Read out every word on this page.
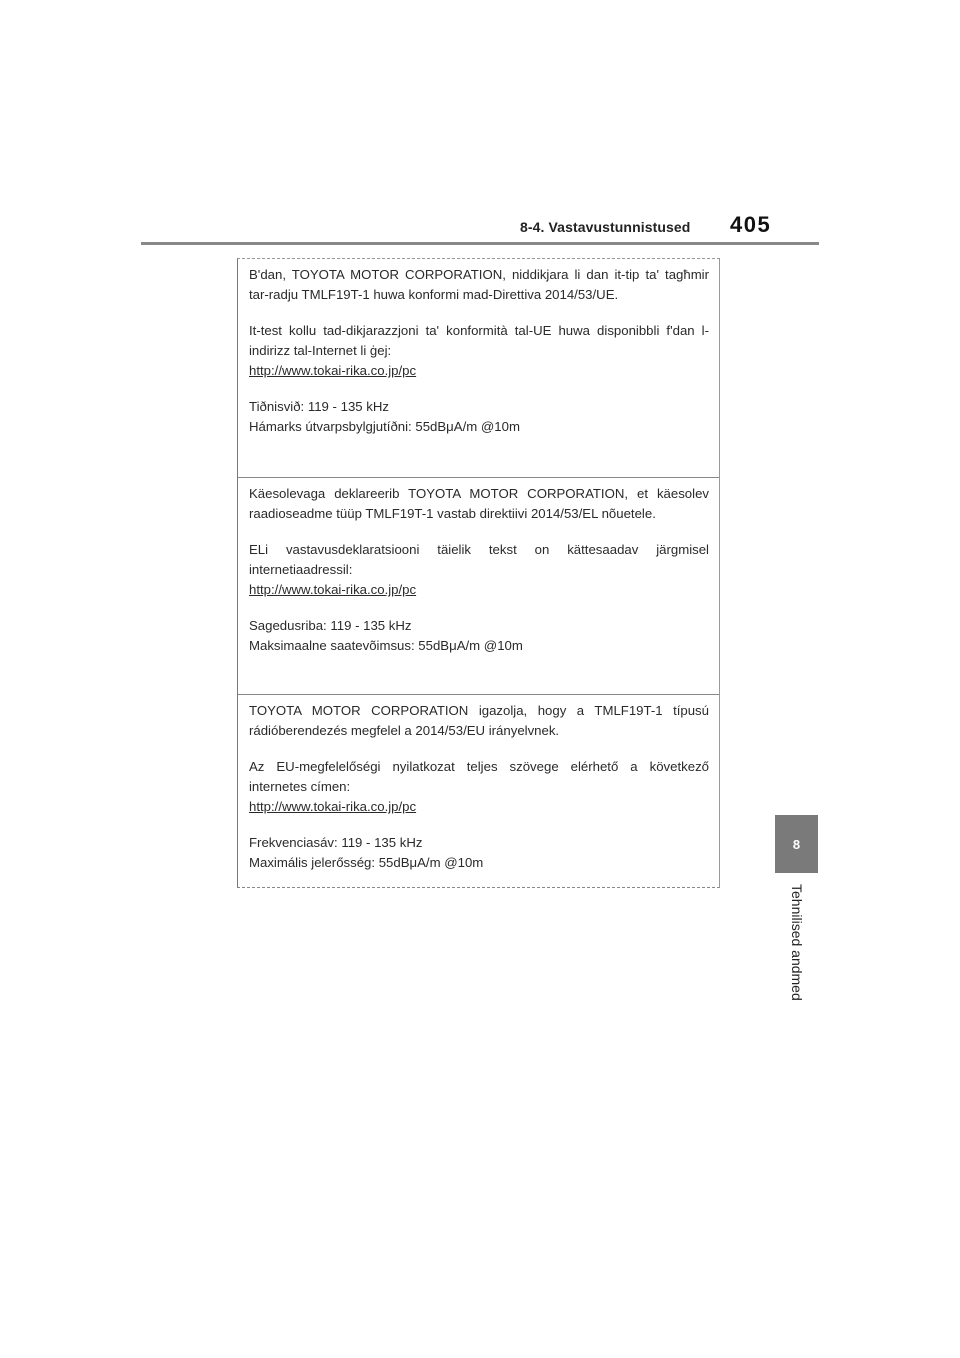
8-4. Vastavustunnistused 405
8
Tehnilised andmed

B'dan, TOYOTA MOTOR CORPORATION, niddikjara li dan it-tip ta' tagħmir tar-radju TMLF19T-1 huwa konformi mad-Direttiva 2014/53/UE.

It-test kollu tad-dikjarazzjoni ta' konformità tal-UE huwa disponibbli f'dan l-indirizz tal-Internet li ġej:
http://www.tokai-rika.co.jp/pc

Tiðnisvið: 119 - 135 kHz
Hámarks útvarpsbylgjutíðni: 55dBμA/m @10m

Käesolevaga deklareerib TOYOTA MOTOR CORPORATION, et käesolev raadioseadme tüüp TMLF19T-1 vastab direktiivi 2014/53/EL nõuetele.

ELi vastavusdeklaratsiooni täielik tekst on kättesaadav järgmisel internetiaadressil:
http://www.tokai-rika.co.jp/pc

Sagedusriba: 119 - 135 kHz
Maksimaalne saatevõimsus: 55dBμA/m @10m

TOYOTA MOTOR CORPORATION igazolja, hogy a TMLF19T-1 típusú rádióberendezés megfelel a 2014/53/EU irányelvnek.

Az EU-megfelelőségi nyilatkozat teljes szövege elérhető a következő internetes címen:
http://www.tokai-rika.co.jp/pc

Frekvenciasáv: 119 - 135 kHz
Maximális jelerősség: 55dBμA/m @10m
